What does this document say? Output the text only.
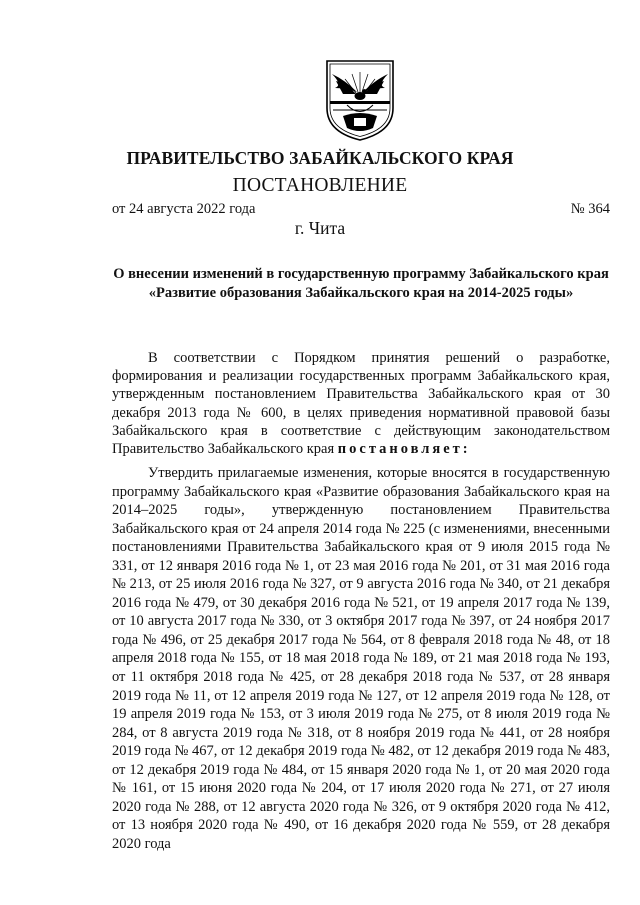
ПРАВИТЕЛЬСТВО ЗАБАЙКАЛЬСКОГО КРАЯ
ПОСТАНОВЛЕНИЕ
от 24 августа 2022 года	№ 364
г. Чита
О внесении изменений в государственную программу Забайкальского края «Развитие образования Забайкальского края на 2014-2025 годы»

В соответствии с Порядком принятия решений о разработке, формирования и реализации государственных программ Забайкальского края, утвержденным постановлением Правительства Забайкальского края от 30 декабря 2013 года № 600, в целях приведения нормативной правовой базы Забайкальского края в соответствие с действующим законодательством Правительство Забайкальского края постановляет:

Утвердить прилагаемые изменения, которые вносятся в государственную программу Забайкальского края «Развитие образования Забайкальского края на 2014–2025 годы», утвержденную постановлением Правительства Забайкальского края от 24 апреля 2014 года № 225 (с изменениями, внесенными постановлениями Правительства Забайкальского края от 9 июля 2015 года № 331, от 12 января 2016 года № 1, от 23 мая 2016 года № 201, от 31 мая 2016 года № 213, от 25 июля 2016 года № 327, от 9 августа 2016 года № 340, от 21 декабря 2016 года № 479, от 30 декабря 2016 года № 521, от 19 апреля 2017 года № 139, от 10 августа 2017 года № 330, от 3 октября 2017 года № 397, от 24 ноября 2017 года № 496, от 25 декабря 2017 года № 564, от 8 февраля 2018 года № 48, от 18 апреля 2018 года № 155, от 18 мая 2018 года № 189, от 21 мая 2018 года № 193, от 11 октября 2018 года № 425, от 28 декабря 2018 года № 537, от 28 января 2019 года № 11, от 12 апреля 2019 года № 127, от 12 апреля 2019 года № 128, от 19 апреля 2019 года № 153, от 3 июля 2019 года № 275, от 8 июля 2019 года № 284, от 8 августа 2019 года № 318, от 8 ноября 2019 года № 441, от 28 ноября 2019 года № 467, от 12 декабря 2019 года № 482, от 12 декабря 2019 года № 483, от 12 декабря 2019 года № 484, от 15 января 2020 года № 1, от 20 мая 2020 года № 161, от 15 июня 2020 года № 204, от 17 июля 2020 года № 271, от 27 июля 2020 года № 288, от 12 августа 2020 года № 326, от 9 октября 2020 года № 412, от 13 ноября 2020 года № 490, от 16 декабря 2020 года № 559, от 28 декабря 2020 года
